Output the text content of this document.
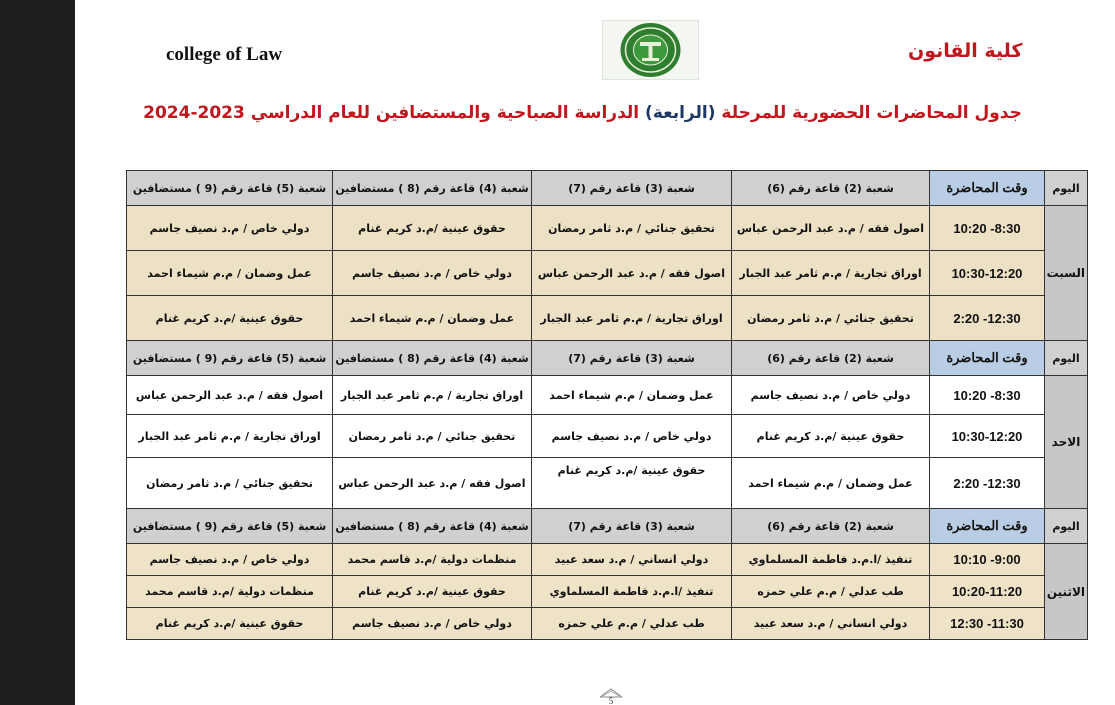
college of Law	كلية القانون
جدول المحاضرات الحضورية للمرحلة (الرابعة) الدراسة الصباحية والمستضافين للعام الدراسي 2023-2024
اليوم	وقت المحاضرة	شعبة (2) قاعة رقم (6)	شعبة (3) قاعة رقم (7)	شعبة (4) قاعة رقم (8 ) مستضافين	شعبة (5) قاعة رقم (9 ) مستضافين
السبت	8:30- 10:20	اصول فقه / م.د عبد الرحمن عباس	تحقيق جنائي / م.د ثامر رمضان	حقوق عينية /م.د كريم غنام	دولي خاص / م.د نصيف جاسم
	10:30-12:20	اوراق تجارية / م.م ثامر عبد الجبار	اصول فقه / م.د عبد الرحمن عباس	دولي خاص / م.د نصيف جاسم	عمل وضمان / م.م شيماء احمد
	12:30- 2:20	تحقيق جنائي / م.د ثامر رمضان	اوراق تجارية / م.م ثامر عبد الجبار	عمل وضمان / م.م شيماء احمد	حقوق عينية /م.د كريم غنام
اليوم	وقت المحاضرة	شعبة (2) قاعة رقم (6)	شعبة (3) قاعة رقم (7)	شعبة (4) قاعة رقم (8 ) مستضافين	شعبة (5) قاعة رقم (9 ) مستضافين
الاحد	8:30- 10:20	دولي خاص / م.د نصيف جاسم	عمل وضمان / م.م شيماء احمد	اوراق تجارية / م.م ثامر عبد الجبار	اصول فقه / م.د عبد الرحمن عباس
	10:30-12:20	حقوق عينية /م.د كريم غنام	دولي خاص / م.د نصيف جاسم	تحقيق جنائي / م.د ثامر رمضان	اوراق تجارية / م.م ثامر عبد الجبار
	12:30- 2:20	عمل وضمان / م.م شيماء احمد	حقوق عينية /م.د كريم غنام	اصول فقه / م.د عبد الرحمن عباس	تحقيق جنائي / م.د ثامر رمضان
اليوم	وقت المحاضرة	شعبة (2) قاعة رقم (6)	شعبة (3) قاعة رقم (7)	شعبة (4) قاعة رقم (8 ) مستضافين	شعبة (5) قاعة رقم (9 ) مستضافين
الاثنين	9:00- 10:10	تنفيذ /ا.م.د فاطمة المسلماوي	دولي انساني / م.د سعد عبيد	منظمات دولية /م.د قاسم محمد	دولي خاص / م.د نصيف جاسم
	10:20-11:20	طب عدلي / م.م علي حمزه	تنفيذ /ا.م.د فاطمة المسلماوي	حقوق عينية /م.د كريم غنام	منظمات دولية /م.د قاسم محمد
	11:30- 12:30	دولي انساني / م.د سعد عبيد	طب عدلي / م.م علي حمزه	دولي خاص / م.د نصيف جاسم	حقوق عينية /م.د كريم غنام
5
